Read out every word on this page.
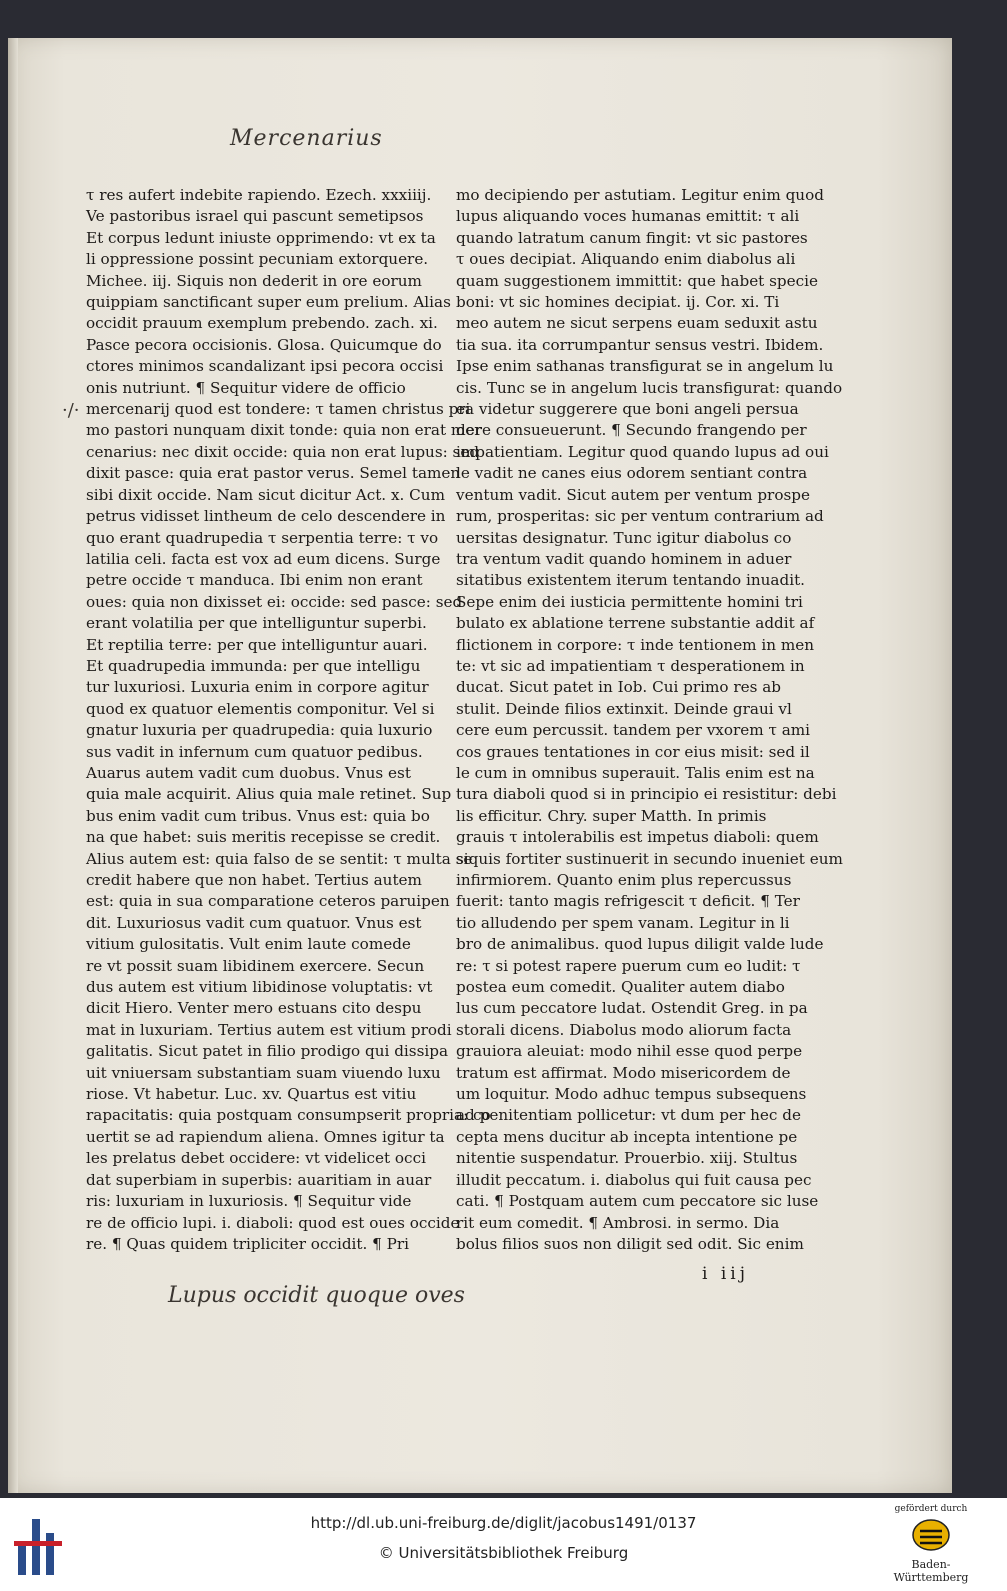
Mercenarius
·/·
τ res aufert indebite rapiendo. Ezech. xxxiiij.
Ve pastoribus israel qui pascunt semetipsos
Et corpus ledunt iniuste opprimendo: vt ex ta
li oppressione possint pecuniam extorquere.
Michee. iij. Siquis non dederit in ore eorum
quippiam sanctificant super eum prelium. Alias
occidit prauum exemplum prebendo. zach. xi.
Pasce pecora occisionis. Glosa. Quicumque do
ctores minimos scandalizant ipsi pecora occisi
onis nutriunt. ¶ Sequitur videre de officio
mercenarij quod est tondere: τ tamen christus pri
mo pastori nunquam dixit tonde: quia non erat mer
cenarius: nec dixit occide: quia non erat lupus: sed
dixit pasce: quia erat pastor verus. Semel tamen
sibi dixit occide. Nam sicut dicitur Act. x. Cum
petrus vidisset lintheum de celo descendere in
quo erant quadrupedia τ serpentia terre: τ vo
latilia celi. facta est vox ad eum dicens. Surge
petre occide τ manduca. Ibi enim non erant
oues: quia non dixisset ei: occide: sed pasce: sed
erant volatilia per que intelliguntur superbi.
Et reptilia terre: per que intelliguntur auari.
Et quadrupedia immunda: per que intelligu
tur luxuriosi. Luxuria enim in corpore agitur
quod ex quatuor elementis componitur. Vel si
gnatur luxuria per quadrupedia: quia luxurio
sus vadit in infernum cum quatuor pedibus.
Auarus autem vadit cum duobus. Vnus est
quia male acquirit. Alius quia male retinet. Sup
bus enim vadit cum tribus. Vnus est: quia bo
na que habet: suis meritis recepisse se credit.
Alius autem est: quia falso de se sentit: τ multa se
credit habere que non habet. Tertius autem
est: quia in sua comparatione ceteros paruipen
dit. Luxuriosus vadit cum quatuor. Vnus est
vitium gulositatis. Vult enim laute comede
re vt possit suam libidinem exercere. Secun
dus autem est vitium libidinose voluptatis: vt
dicit Hiero. Venter mero estuans cito despu
mat in luxuriam. Tertius autem est vitium prodi
galitatis. Sicut patet in filio prodigo qui dissipa
uit vniuersam substantiam suam viuendo luxu
riose. Vt habetur. Luc. xv. Quartus est vitiu
rapacitatis: quia postquam consumpserit propria: co
uertit se ad rapiendum aliena. Omnes igitur ta
les prelatus debet occidere: vt videlicet occi
dat superbiam in superbis: auaritiam in auar
ris: luxuriam in luxuriosis. ¶ Sequitur vide
re de officio lupi. i. diaboli: quod est oues occide
re. ¶ Quas quidem tripliciter occidit. ¶ Pri
mo decipiendo per astutiam. Legitur enim quod
lupus aliquando voces humanas emittit: τ ali
quando latratum canum fingit: vt sic pastores
τ oues decipiat. Aliquando enim diabolus ali
quam suggestionem immittit: que habet specie
boni: vt sic homines decipiat. ij. Cor. xi. Ti
meo autem ne sicut serpens euam seduxit astu
tia sua. ita corrumpantur sensus vestri. Ibidem.
Ipse enim sathanas transfigurat se in angelum lu
cis. Tunc se in angelum lucis transfigurat: quando
ea videtur suggerere que boni angeli persua
dere consueuerunt. ¶ Secundo frangendo per
impatientiam. Legitur quod quando lupus ad oui
le vadit ne canes eius odorem sentiant contra
ventum vadit. Sicut autem per ventum prospe
rum, prosperitas: sic per ventum contrarium ad
uersitas designatur. Tunc igitur diabolus co
tra ventum vadit quando hominem in aduer
sitatibus existentem iterum tentando inuadit.
Sepe enim dei iusticia permittente homini tri
bulato ex ablatione terrene substantie addit af
flictionem in corpore: τ inde tentionem in men
te: vt sic ad impatientiam τ desperationem in
ducat. Sicut patet in Iob. Cui primo res ab
stulit. Deinde filios extinxit. Deinde graui vl
cere eum percussit. tandem per vxorem τ ami
cos graues tentationes in cor eius misit: sed il
le cum in omnibus superauit. Talis enim est na
tura diaboli quod si in principio ei resistitur: debi
lis efficitur. Chry. super Matth. In primis
grauis τ intolerabilis est impetus diaboli: quem
siquis fortiter sustinuerit in secundo inueniet eum
infirmiorem. Quanto enim plus repercussus
fuerit: tanto magis refrigescit τ deficit. ¶ Ter
tio alludendo per spem vanam. Legitur in li
bro de animalibus. quod lupus diligit valde lude
re: τ si potest rapere puerum cum eo ludit: τ
postea eum comedit. Qualiter autem diabo
lus cum peccatore ludat. Ostendit Greg. in pa
storali dicens. Diabolus modo aliorum facta
grauiora aleuiat: modo nihil esse quod perpe
tratum est affirmat. Modo misericordem de
um loquitur. Modo adhuc tempus subsequens
ad penitentiam pollicetur: vt dum per hec de
cepta mens ducitur ab incepta intentione pe
nitentie suspendatur. Prouerbio. xiij. Stultus
illudit peccatum. i. diabolus qui fuit causa pec
cati. ¶ Postquam autem cum peccatore sic luse
rit eum comedit. ¶ Ambrosi. in sermo. Dia
bolus filios suos non diligit sed odit. Sic enim
i iij
Lupus occidit quoque oves
http://dl.ub.uni-freiburg.de/diglit/jacobus1491/0137
© Universitätsbibliothek Freiburg
gefördert durch
Baden-Württemberg
